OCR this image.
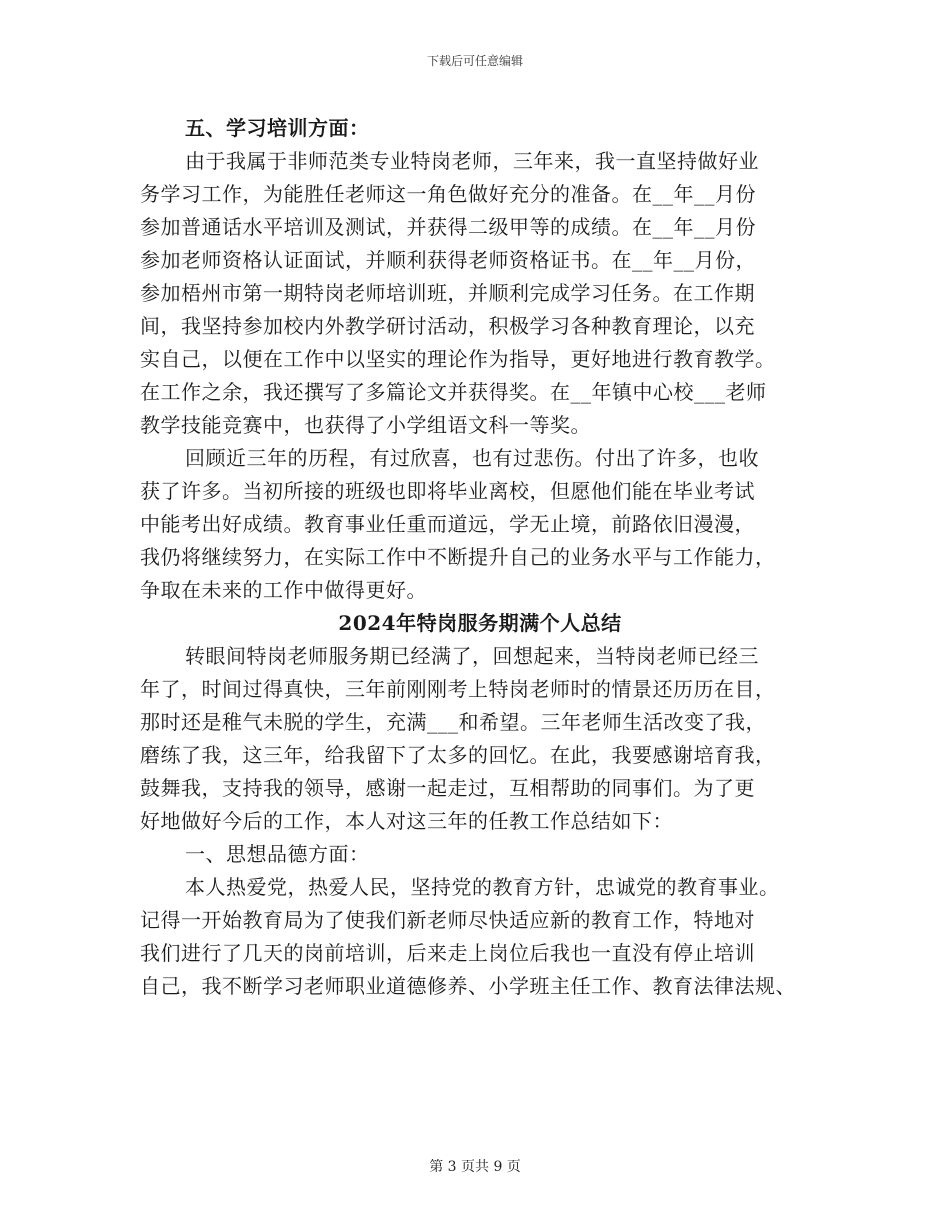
下载后可任意编辑
五、学习培训方面：
由于我属于非师范类专业特岗老师，三年来，我一直坚持做好业
务学习工作，为能胜任老师这一角色做好充分的准备。在__年__月份
参加普通话水平培训及测试，并获得二级甲等的成绩。在__年__月份
参加老师资格认证面试，并顺利获得老师资格证书。在__年__月份，
参加梧州市第一期特岗老师培训班，并顺利完成学习任务。在工作期
间，我坚持参加校内外教学研讨活动，积极学习各种教育理论，以充
实自己，以便在工作中以坚实的理论作为指导，更好地进行教育教学。
在工作之余，我还撰写了多篇论文并获得奖。在__年镇中心校___老师
教学技能竞赛中，也获得了小学组语文科一等奖。
回顾近三年的历程，有过欣喜，也有过悲伤。付出了许多，也收
获了许多。当初所接的班级也即将毕业离校，但愿他们能在毕业考试
中能考出好成绩。教育事业任重而道远，学无止境，前路依旧漫漫，
我仍将继续努力，在实际工作中不断提升自己的业务水平与工作能力，
争取在未来的工作中做得更好。
2024年特岗服务期满个人总结
转眼间特岗老师服务期已经满了，回想起来，当特岗老师已经三
年了，时间过得真快，三年前刚刚考上特岗老师时的情景还历历在目，
那时还是稚气未脱的学生，充满___和希望。三年老师生活改变了我，
磨练了我，这三年，给我留下了太多的回忆。在此，我要感谢培育我，
鼓舞我，支持我的领导，感谢一起走过，互相帮助的同事们。为了更
好地做好今后的工作，本人对这三年的任教工作总结如下：
一、思想品德方面：
本人热爱党，热爱人民，坚持党的教育方针，忠诚党的教育事业。
记得一开始教育局为了使我们新老师尽快适应新的教育工作，特地对
我们进行了几天的岗前培训，后来走上岗位后我也一直没有停止培训
自己，我不断学习老师职业道德修养、小学班主任工作、教育法律法规、
第 3 页共 9 页
